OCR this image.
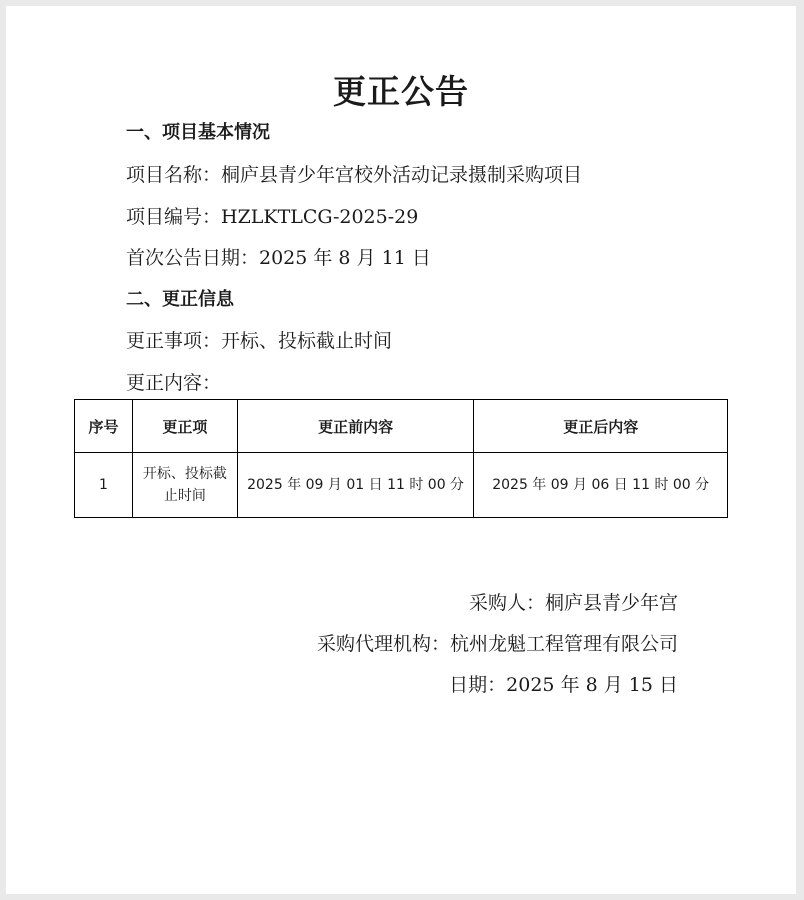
更正公告
一、项目基本情况
项目名称：桐庐县青少年宫校外活动记录摄制采购项目
项目编号：HZLKTLCG-2025-29
首次公告日期：2025 年 8 月 11 日
二、更正信息
更正事项：开标、投标截止时间
更正内容：
序号	更正项	更正前内容	更正后内容
1	开标、投标截止时间	2025 年 09 月 01 日 11 时 00 分	2025 年 09 月 06 日 11 时 00 分
采购人：桐庐县青少年宫
采购代理机构：杭州龙魁工程管理有限公司
日期：2025 年 8 月 15 日
